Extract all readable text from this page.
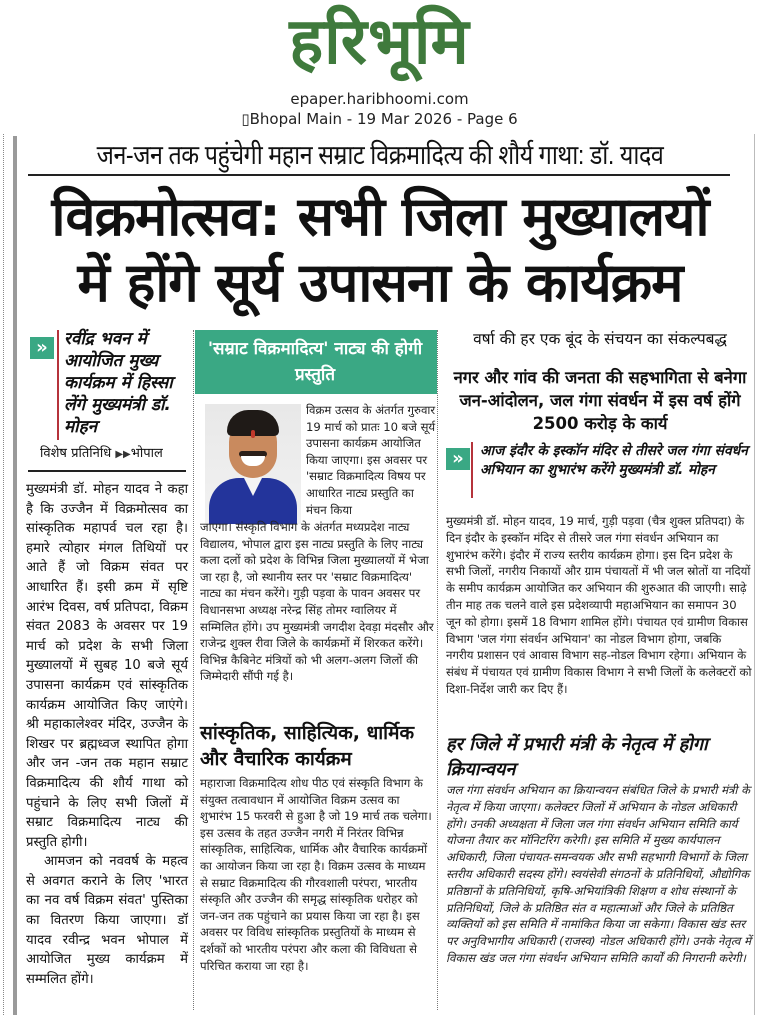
हरिभूमि
epaper.haribhoomi.com
▯Bhopal Main - 19 Mar 2026 - Page 6
जन-जन तक पहुंचेगी महान सम्राट विक्रमादित्य की शौर्य गाथा: डॉ. यादव
विक्रमोत्सव: सभी जिला मुख्यालयों
में होंगे सूर्य उपासना के कार्यक्रम
» रवींद्र भवन में आयोजित मुख्य कार्यक्रम में हिस्सा लेंगे मुख्यमंत्री डॉ. मोहन
विशेष प्रतिनिधि ▶▶भोपाल

मुख्यमंत्री डॉ. मोहन यादव ने कहा है कि उज्जैन में विक्रमोत्सव का सांस्कृतिक महापर्व चल रहा है। हमारे त्योहार मंगल तिथियों पर आते हैं जो विक्रम संवत पर आधारित हैं। इसी क्रम में सृष्टि आरंभ दिवस, वर्ष प्रतिपदा, विक्रम संवत 2083 के अवसर पर 19 मार्च को प्रदेश के सभी जिला मुख्यालयों में सुबह 10 बजे सूर्य उपासना कार्यक्रम एवं सांस्कृतिक कार्यक्रम आयोजित किए जाएंगे। श्री महाकालेश्वर मंदिर, उज्जैन के शिखर पर ब्रह्मध्वज स्थापित होगा और जन -जन तक महान सम्राट विक्रमादित्य की शौर्य गाथा को पहुंचाने के लिए सभी जिलों में सम्राट विक्रमादित्य नाट्य की प्रस्तुति होगी।

आमजन को नववर्ष के महत्व से अवगत कराने के लिए 'भारत का नव वर्ष विक्रम संवत' पुस्तिका का वितरण किया जाएगा। डॉ यादव रवीन्द्र भवन भोपाल में आयोजित मुख्य कार्यक्रम में सम्मलित होंगे।

'सम्राट विक्रमादित्य' नाट्य की होगी प्रस्तुति
विक्रम उत्सव के अंतर्गत गुरुवार 19 मार्च को प्रातः 10 बजे सूर्य उपासना कार्यक्रम आयोजित किया जाएगा। इस अवसर पर 'सम्राट विक्रमादित्य विषय पर आधारित नाट्य प्रस्तुति का मंचन किया
जाएगा। संस्कृति विभाग के अंतर्गत मध्यप्रदेश नाट्य विद्यालय, भोपाल द्वारा इस नाट्य प्रस्तुति के लिए नाट्य कला दलों को प्रदेश के विभिन्न जिला मुख्यालयों में भेजा जा रहा है, जो स्थानीय स्तर पर 'सम्राट विक्रमादित्य' नाट्य का मंचन करेंगे। गुड़ी पड़वा के पावन अवसर पर विधानसभा अध्यक्ष नरेन्द्र सिंह तोमर ग्वालियर में सम्मिलित होंगे। उप मुख्यमंत्री जगदीश देवड़ा मंदसौर और राजेन्द्र शुक्ल रीवा जिले के कार्यक्रमों में शिरकत करेंगे। विभिन्न कैबिनेट मंत्रियों को भी अलग-अलग जिलों की जिम्मेदारी सौंपी गई है।
सांस्कृतिक, साहित्यिक, धार्मिक और वैचारिक कार्यक्रम
महाराजा विक्रमादित्य शोध पीठ एवं संस्कृति विभाग के संयुक्त तत्वावधान में आयोजित विक्रम उत्सव का शुभारंभ 15 फरवरी से हुआ है जो 19 मार्च तक चलेगा। इस उत्सव के तहत उज्जैन नगरी में निरंतर विभिन्न सांस्कृतिक, साहित्यिक, धार्मिक और वैचारिक कार्यक्रमों का आयोजन किया जा रहा है। विक्रम उत्सव के माध्यम से सम्राट विक्रमादित्य की गौरवशाली परंपरा, भारतीय संस्कृति और उज्जैन की समृद्ध सांस्कृतिक धरोहर को जन-जन तक पहुंचाने का प्रयास किया जा रहा है। इस अवसर पर विविध सांस्कृतिक प्रस्तुतियों के माध्यम से दर्शकों को भारतीय परंपरा और कला की विविधता से परिचित कराया जा रहा है।
वर्षा की हर एक बूंद के संचयन का संकल्पबद्ध
नगर और गांव की जनता की सहभागिता से बनेगा जन-आंदोलन, जल गंगा संवर्धन में इस वर्ष होंगे 2500 करोड़ के कार्य
»	आज इंदौर के इस्कॉन मंदिर से तीसरे जल गंगा संवर्धन अभियान का शुभारंभ करेंगे मुख्यमंत्री डॉ. मोहन
मुख्यमंत्री डॉ. मोहन यादव, 19 मार्च, गुड़ी पड़वा (चैत्र शुक्ल प्रतिपदा) के दिन इंदौर के इस्कॉन मंदिर से तीसरे जल गंगा संवर्धन अभियान का शुभारंभ करेंगे। इंदौर में राज्य स्तरीय कार्यक्रम होगा। इस दिन प्रदेश के सभी जिलों, नगरीय निकायों और ग्राम पंचायतों में भी जल स्रोतों या नदियों के समीप कार्यक्रम आयोजित कर अभियान की शुरुआत की जाएगी। साढ़े तीन माह तक चलने वाले इस प्रदेशव्यापी महाअभियान का समापन 30 जून को होगा। इसमें 18 विभाग शामिल होंगे। पंचायत एवं ग्रामीण विकास विभाग 'जल गंगा संवर्धन अभियान' का नोडल विभाग होगा, जबकि नगरीय प्रशासन एवं आवास विभाग सह-नोडल विभाग रहेगा। अभियान के संबंध में पंचायत एवं ग्रामीण विकास विभाग ने सभी जिलों के कलेक्टरों को दिशा-निर्देश जारी कर दिए हैं।
हर जिले में प्रभारी मंत्री के नेतृत्व में होगा क्रियान्वयन
जल गंगा संवर्धन अभियान का क्रियान्वयन संबंधित जिले के प्रभारी मंत्री के नेतृत्व में किया जाएगा। कलेक्टर जिलों में अभियान के नोडल अधिकारी होंगे। उनकी अध्यक्षता में जिला जल गंगा संवर्धन अभियान समिति कार्य योजना तैयार कर मॉनिटरिंग करेगी। इस समिति में मुख्य कार्यपालन अधिकारी, जिला पंचायत-समन्वयक और सभी सहभागी विभागों के जिला स्तरीय अधिकारी सदस्य होंगे। स्वयंसेवी संगठनों के प्रतिनिधियों, औद्योगिक प्रतिष्ठानों के प्रतिनिधियों, कृषि-अभियांत्रिकी शिक्षण व शोध संस्थानों के प्रतिनिधियों, जिले के प्रतिष्ठित संत व महात्माओं और जिले के प्रतिष्ठित व्यक्तियों को इस समिति में नामांकित किया जा सकेगा। विकास खंड स्तर पर अनुविभागीय अधिकारी (राजस्व) नोडल अधिकारी होंगे। उनके नेतृत्व में विकास खंड जल गंगा संवर्धन अभियान समिति कार्यों की निगरानी करेगी।
